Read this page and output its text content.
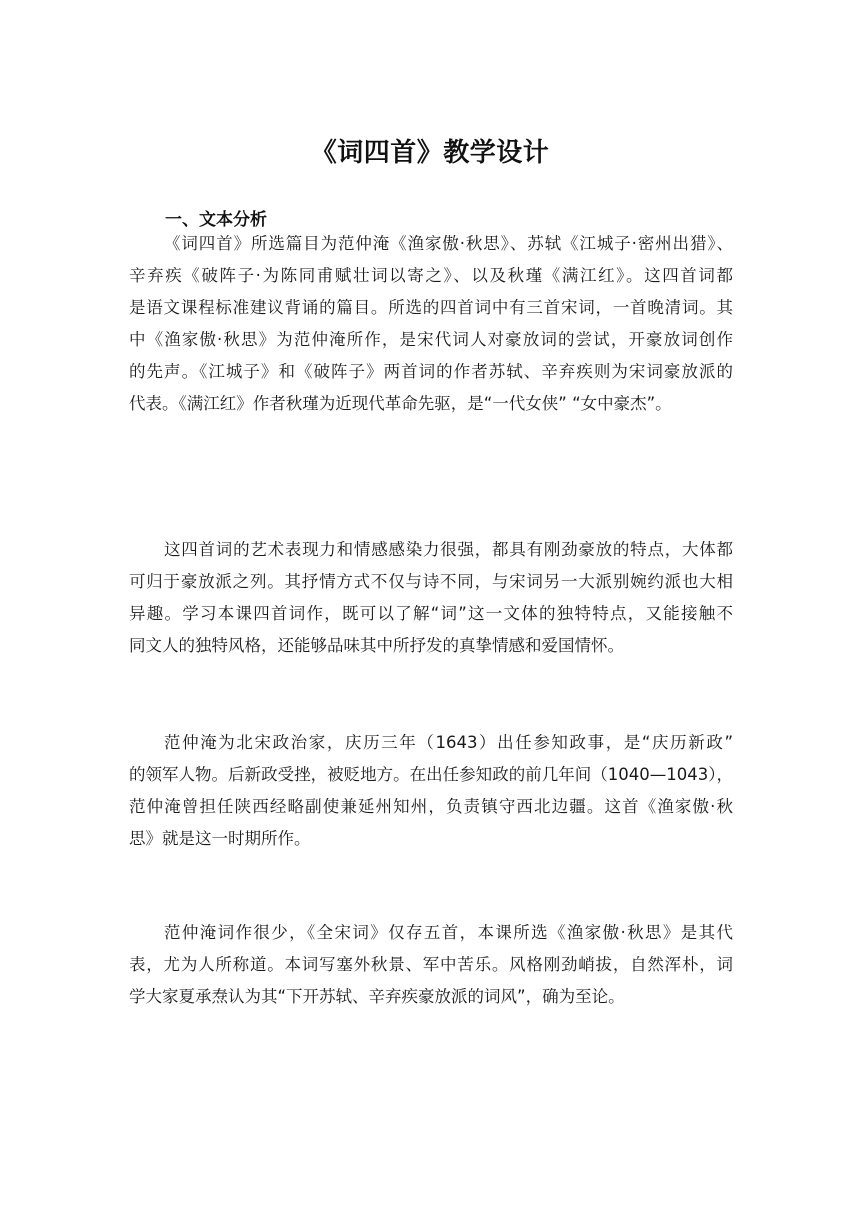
《词四首》教学设计
一、文本分析
《词四首》所选篇目为范仲淹《渔家傲·秋思》、苏轼《江城子·密州出猎》、
辛弃疾《破阵子·为陈同甫赋壮词以寄之》、以及秋瑾《满江红》。这四首词都
是语文课程标准建议背诵的篇目。所选的四首词中有三首宋词，一首晚清词。其
中《渔家傲·秋思》为范仲淹所作，是宋代词人对豪放词的尝试，开豪放词创作
的先声。《江城子》和《破阵子》两首词的作者苏轼、辛弃疾则为宋词豪放派的
代表。《满江红》作者秋瑾为近现代革命先驱，是“一代女侠” “女中豪杰”。
这四首词的艺术表现力和情感感染力很强，都具有刚劲豪放的特点，大体都
可归于豪放派之列。其抒情方式不仅与诗不同，与宋词另一大派别婉约派也大相
异趣。学习本课四首词作，既可以了解“词”这一文体的独特特点，又能接触不
同文人的独特风格，还能够品味其中所抒发的真挚情感和爱国情怀。
范仲淹为北宋政治家，庆历三年（1643）出任参知政事，是“庆历新政”
的领军人物。后新政受挫，被贬地方。在出任参知政的前几年间（1040—1043），
范仲淹曾担任陕西经略副使兼延州知州，负责镇守西北边疆。这首《渔家傲·秋
思》就是这一时期所作。
范仲淹词作很少，《全宋词》仅存五首，本课所选《渔家傲·秋思》是其代
表，尤为人所称道。本词写塞外秋景、军中苦乐。风格刚劲峭拔，自然浑朴，词
学大家夏承焘认为其“下开苏轼、辛弃疾豪放派的词风”，确为至论。
